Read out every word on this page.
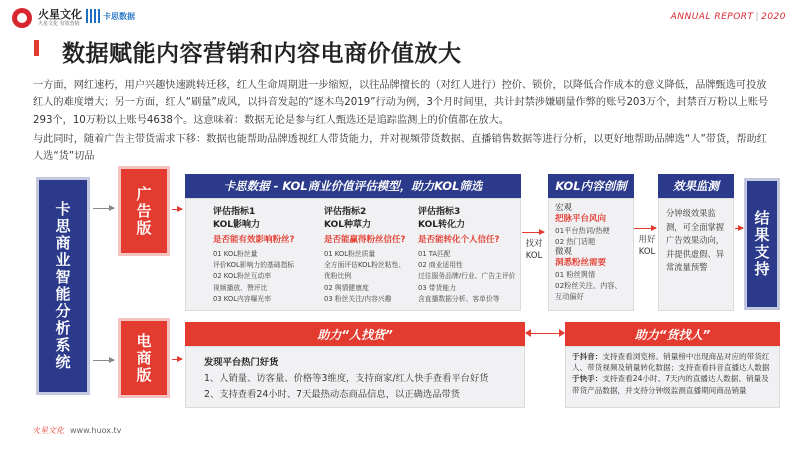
火星文化
火星文化 有效营销
卡思数据	ANNUAL REPORT | 2020
数据赋能内容营销和内容电商价值放大
一方面，网红速朽，用户兴趣快速跳转迁移，红人生命周期进一步缩短，以往品牌擅长的（对红人进行）控价、锁价，以降低合作成本的意义降低，品牌甄选可投放红人的难度增大；另一方面，红人“刷量”成风，以抖音发起的“逐木鸟2019”行动为例，3个月时间里，共计封禁涉嫌刷量作弊的账号203万个，封禁百万粉以上账号293个，10万粉以上账号4638个。这意味着：数据无论是参与红人甄选还是追踪监测上的价值都在放大。
与此同时，随着广告主带货需求下移：数据也能帮助品牌透视红人带货能力，并对视频带货数据、直播销售数据等进行分析，以更好地帮助品牌选“人”带货，帮助红人选“货”切品
卡思商业智能分析系统	广告版
电商版
卡思数据 - KOL商业价值评估模型，助力KOL筛选
评估指标1
KOL影响力
是否能有效影响粉丝?
01 KOL粉丝量
评价KOL影响力的基础指标
02 KOL粉丝互动率
视频播放、赞评比
03 KOL内容曝光率
评估指标2
KOL种草力
是否能赢得粉丝信任?
01 KOL粉丝质量
全方面评估KOL粉丝粘性、
优粉比例
02 舆情健康度
03 粉丝关注/内容兴趣
评估指标3
KOL转化力
是否能转化个人信任?
01 TA匹配
02 商业适用性
过往服务品牌/行业、广告主评价
03 带货能力
含直播数据分析、客单价等
找对KOL
KOL内容创制
宏观
把脉平台风向
01平台热词/热梗
02 热门话题
微观
洞悉粉丝需要
01 粉丝舆情
02粉丝关注、内容、
互动偏好
用好KOL
效果监测
分钟级效果监测，可全面掌握广告效果动向，并提供虚假、异常流量预警	结果支持
助力“人找货”
发现平台热门好货
1、人销量、访客量、价格等3维度，支持商家/红人快手查看平台好货
2、支持查看24小时、7天最热动态商品信息，以正确选品带货
助力“货找人”
于抖音：支持查看浏览榜、销量榜中出现商品对应的带货红人、带货视频及销量转化数据；支持查看抖音直播达人数据
于快手：支持查看24小时、7天内的直播达人数据、销量及带货产品数据，并支持分钟级监测直播期间商品销量
火星文化 www.huox.tv
